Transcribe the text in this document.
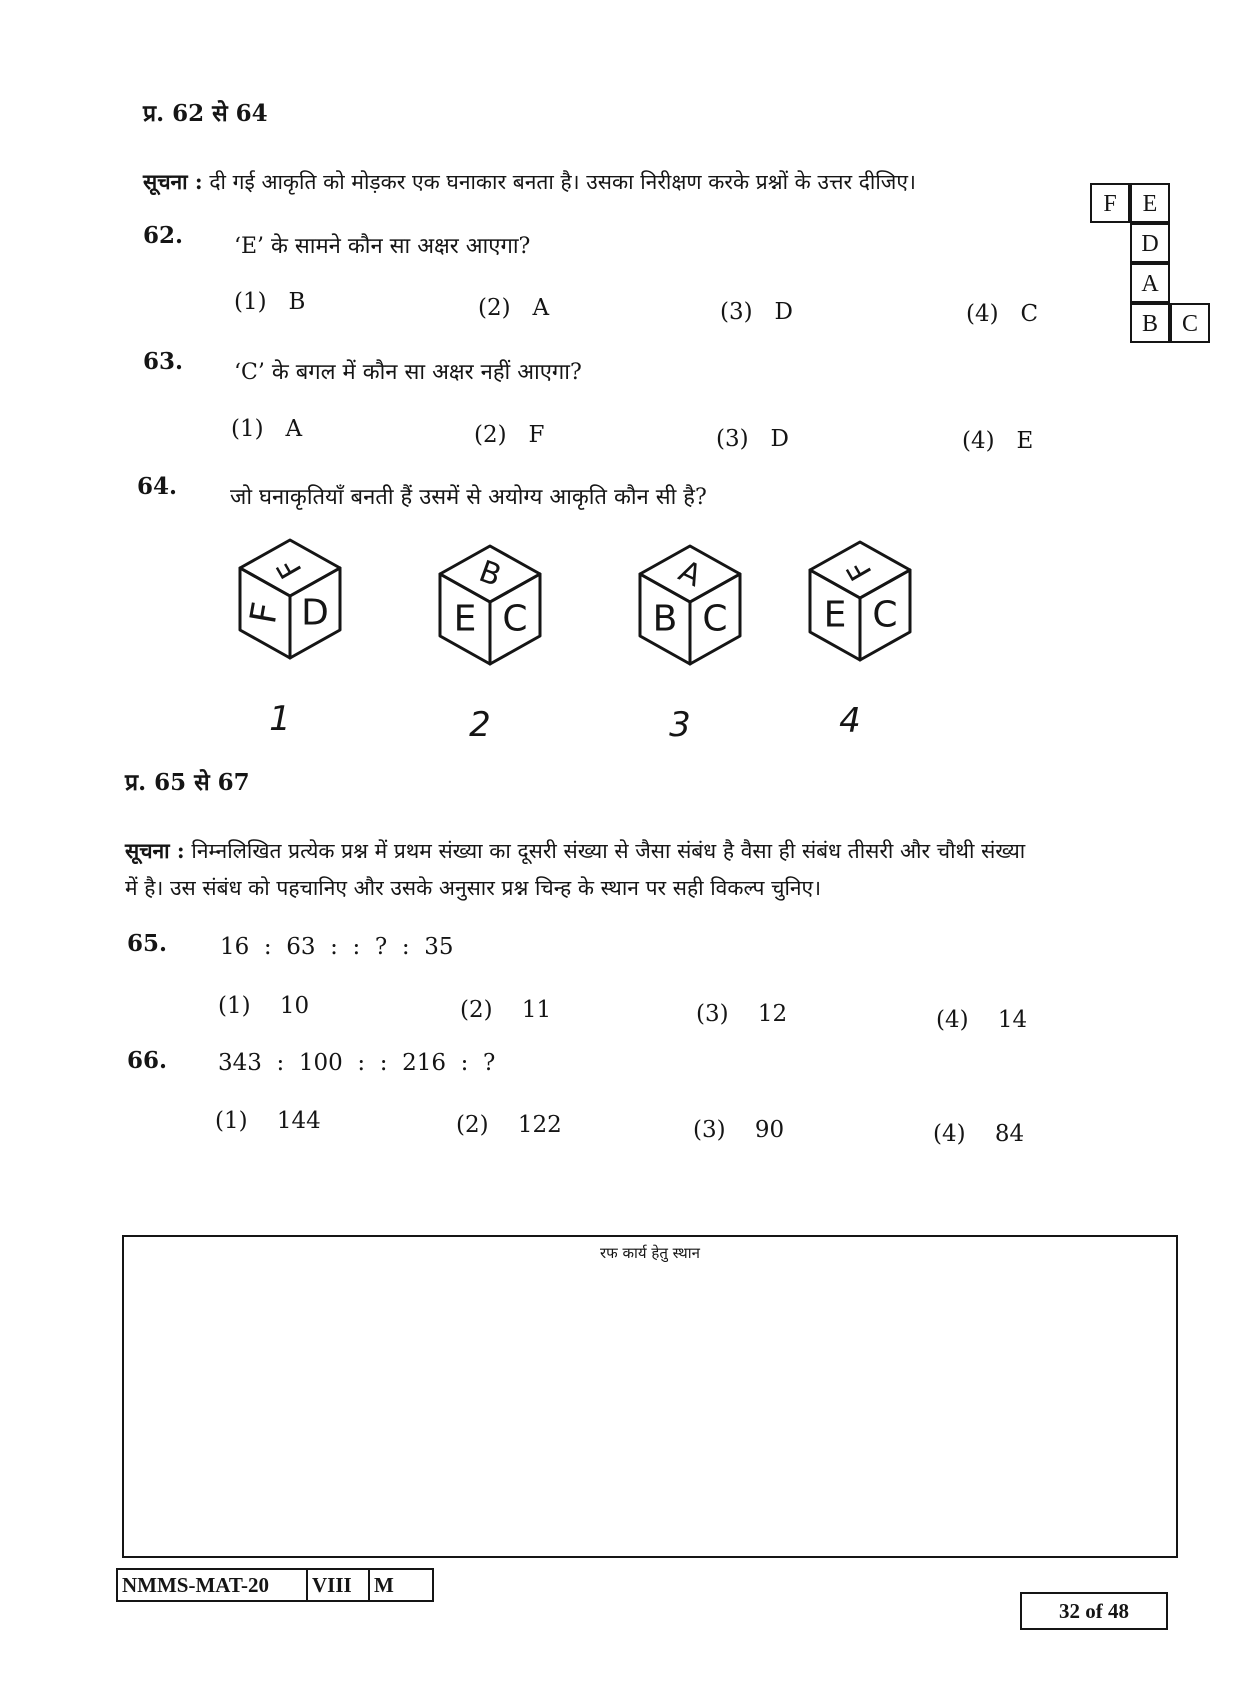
प्र. 62 से 64
सूचना : दी गई आकृति को मोड़कर एक घनाकार बनता है। उसका निरीक्षण करके प्रश्नों के उत्तर दीजिए।
F	E
D
A
B C
62. ‘E’ के सामने कौन सा अक्षर आएगा?
(1)   B	(2)   A	(3)   D	(4)   C
63. ‘C’ के बगल में कौन सा अक्षर नहीं आएगा?
(1)   A	(2)   F	(3)   D	(4)   E
64. जो घनाकृतियाँ बनती हैं उसमें से अयोग्य आकृति कौन सी है?
F
F D
1
B
E C
2
A
B C
3
F
E C
4
प्र. 65 से 67
सूचना : निम्नलिखित प्रत्येक प्रश्न में प्रथम संख्या का दूसरी संख्या से जैसा संबंध है वैसा ही संबंध तीसरी और चौथी संख्या
में है। उस संबंध को पहचानिए और उसके अनुसार प्रश्न चिन्ह के स्थान पर सही विकल्प चुनिए।
65. 16  :  63  :  :  ?  :  35
(1)    10	(2)    11	(3)    12	(4)    14
66. 343  :  100  :  :  216  :  ?
(1)    144	(2)    122	(3)    90	(4)    84
रफ कार्य हेतु स्थान
NMMS-MAT-20	VIII	M
32 of 48
